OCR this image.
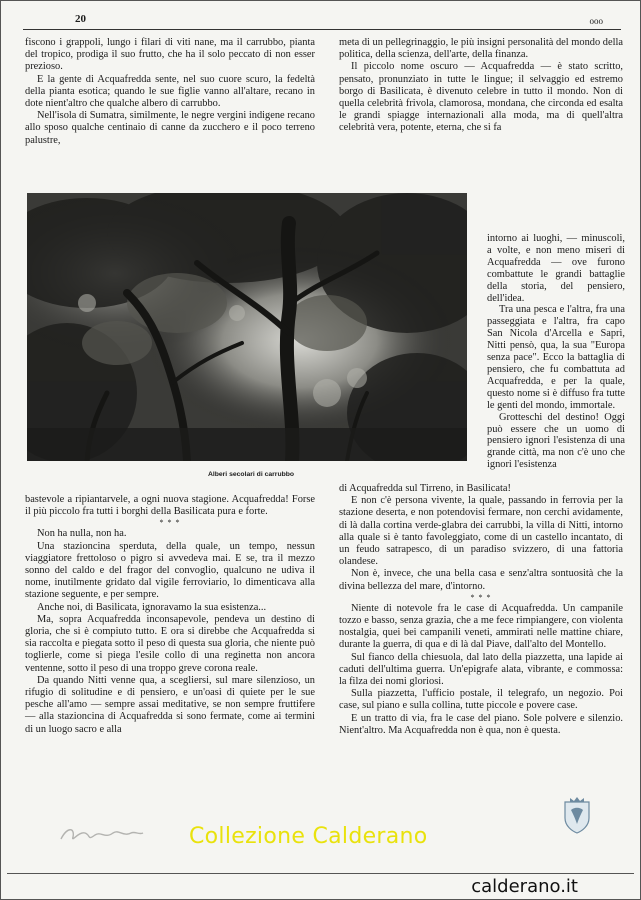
20	ooo

fiscono i grappoli, lungo i filari di viti nane, ma il carrubbo, pianta del tropico, prodiga il suo frutto, che ha il solo peccato di non esser prezioso.

E la gente di Acquafredda sente, nel suo cuore scuro, la fedeltà della pianta esotica; quando le sue figlie vanno all'altare, recano in dote nient'altro che qualche albero di carrubbo.

Nell'isola di Sumatra, similmente, le negre vergini indigene recano allo sposo qualche centinaio di canne da zucchero e il poco terreno palustre,

meta di un pellegrinaggio, le più insigni personalità del mondo della politica, della scienza, dell'arte, della finanza.

Il piccolo nome oscuro — Acquafredda — è stato scritto, pensato, pronunziato in tutte le lingue; il selvaggio ed estremo borgo di Basilicata, è divenuto celebre in tutto il mondo. Non di quella celebrità frivola, clamorosa, mondana, che circonda ed esalta le grandi spiagge internazionali alla moda, ma di quell'altra celebrità vera, potente, eterna, che si fa

intorno ai luoghi, — minuscoli, a volte, e non meno miseri di Acquafredda — ove furono combattute le grandi battaglie della storia, del pensiero, dell'idea.

Tra una pesca e l'altra, fra una passeggiata e l'altra, fra capo San Nicola d'Arcella e Sapri, Nitti pensò, qua, la sua "Europa senza pace". Ecco la battaglia di pensiero, che fu combattuta ad Acquafredda, e per la quale, questo nome si è diffuso fra tutte le genti del mondo, immortale.

Grotteschi del destino! Oggi può essere che un uomo di pensiero ignori l'esistenza di una grande città, ma non c'è uno che ignori l'esistenza

Alberi secolari di carrubbo

bastevole a ripiantarvele, a ogni nuova stagione. Acquafredda! Forse il più piccolo fra tutti i borghi della Basilicata pura e forte.

* * *

Non ha nulla, non ha.

Una stazioncina sperduta, della quale, un tempo, nessun viaggiatore frettoloso o pigro si avvedeva mai. E se, tra il mezzo sonno del caldo e del fragor del convoglio, qualcuno ne udiva il nome, inutilmente gridato dal vigile ferroviario, lo dimenticava alla stazione seguente, e per sempre.

Anche noi, di Basilicata, ignoravamo la sua esistenza...

Ma, sopra Acquafredda inconsapevole, pendeva un destino di gloria, che si è compiuto tutto. E ora si direbbe che Acquafredda si sia raccolta e piegata sotto il peso di questa sua gloria, che niente può toglierle, come si piega l'esile collo di una reginetta non ancora ventenne, sotto il peso di una troppo greve corona reale.

Da quando Nitti venne qua, a scegliersi, sul mare silenzioso, un rifugio di solitudine e di pensiero, e un'oasi di quiete per le sue pesche all'amo — sempre assai meditative, se non sempre fruttifere — alla stazioncina di Acquafredda si sono fermate, come ai termini di un luogo sacro e alla

di Acquafredda sul Tirreno, in Basilicata!

E non c'è persona vivente, la quale, passando in ferrovia per la stazione deserta, e non potendovisi fermare, non cerchi avidamente, di là dalla cortina verde-glabra dei carrubbi, la villa di Nitti, intorno alla quale si è tanto favoleggiato, come di un castello incantato, di un feudo satrapesco, di un paradiso svizzero, di una fattoria olandese.

Non è, invece, che una bella casa e senz'altra sontuosità che la divina bellezza del mare, d'intorno.

* * *

Niente di notevole fra le case di Acquafredda. Un campanile tozzo e basso, senza grazia, che a me fece rimpiangere, con violenta nostalgia, quei bei campanili veneti, ammirati nelle mattine chiare, durante la guerra, di qua e di là dal Piave, dall'alto del Montello.

Sul fianco della chiesuola, dal lato della piazzetta, una lapide ai caduti dell'ultima guerra. Un'epigrafe alata, vibrante, e commossa: la filza dei nomi gloriosi.

Sulla piazzetta, l'ufficio postale, il telegrafo, un negozio. Poi case, sul piano e sulla collina, tutte piccole e povere case.

E un tratto di via, fra le case del piano. Sole polvere e silenzio. Nient'altro. Ma Acquafredda non è qua, non è questa.

Collezione Calderano
calderano.it
